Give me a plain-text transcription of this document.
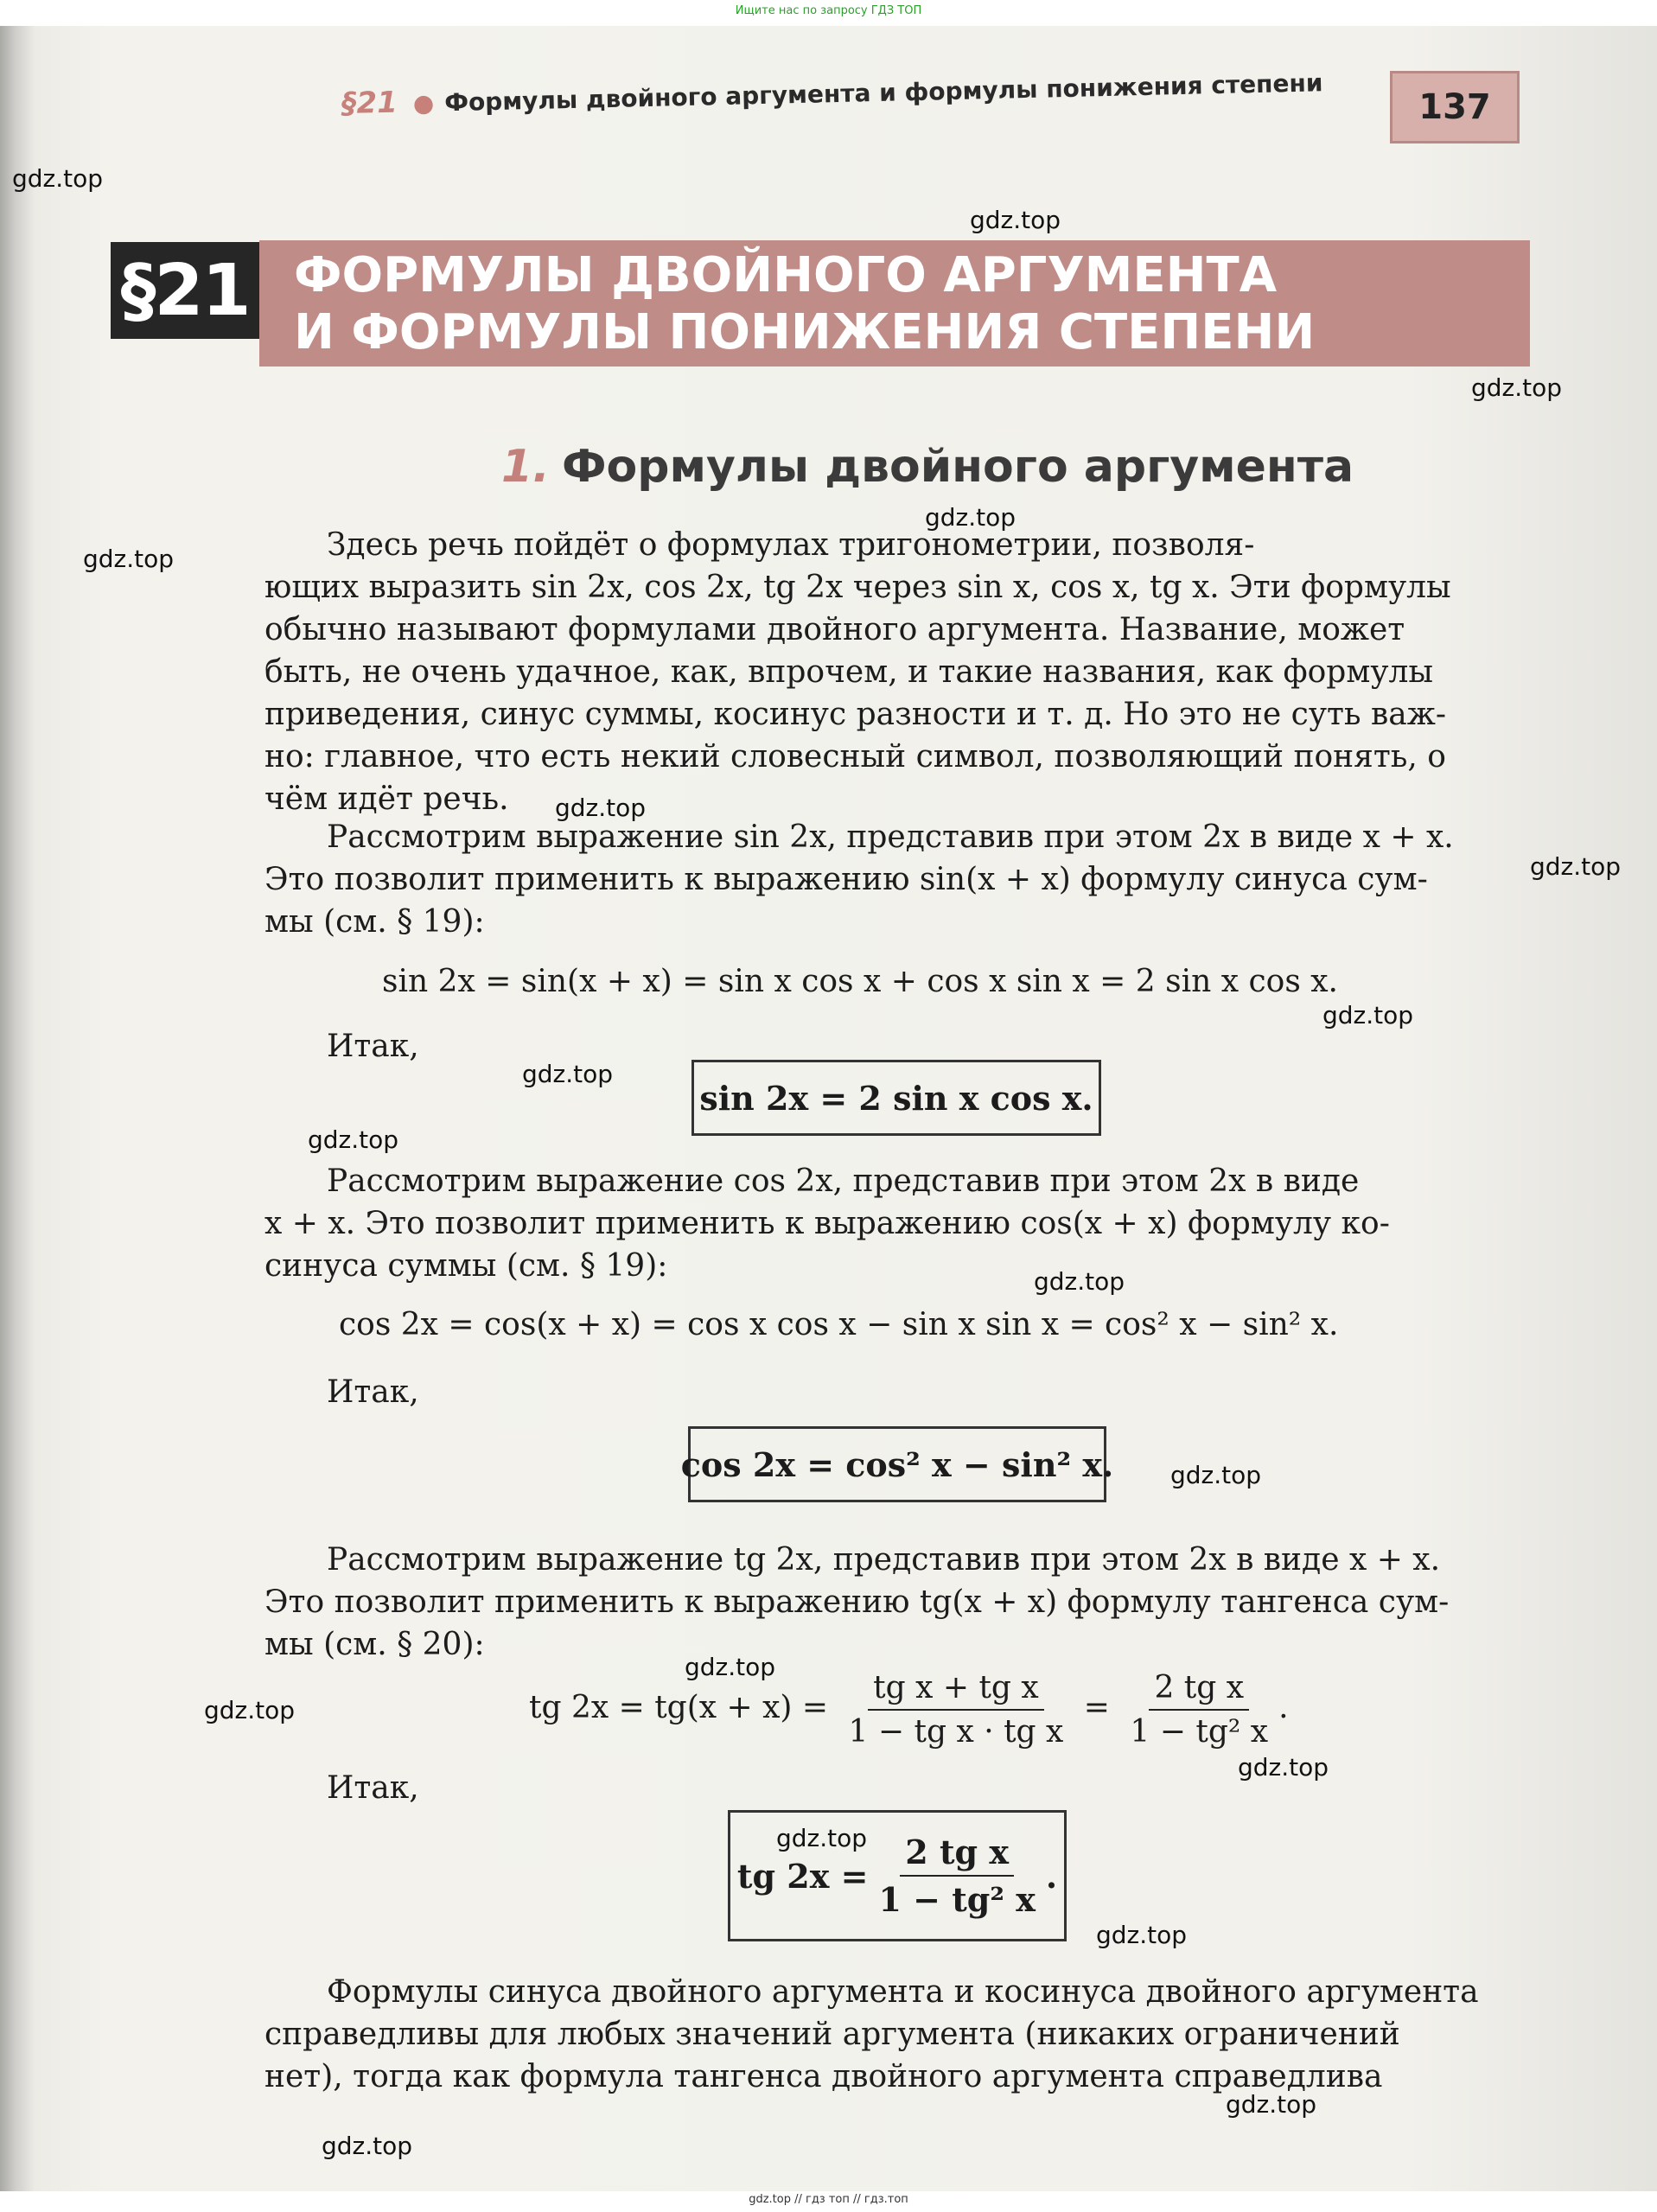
Ищите нас по запросу ГДЗ ТОП
§21 ● Формулы двойного аргумента и формулы понижения степени	137
§21 ФОРМУЛЫ ДВОЙНОГО АРГУМЕНТА
И ФОРМУЛЫ ПОНИЖЕНИЯ СТЕПЕНИ
1. Формулы двойного аргумента

Здесь речь пойдёт о формулах тригонометрии, позволя-
ющих выразить sin 2x, cos 2x, tg 2x через sin x, cos x, tg x. Эти формулы
обычно называют формулами двойного аргумента. Название, может
быть, не очень удачное, как, впрочем, и такие названия, как формулы
приведения, синус суммы, косинус разности и т. д. Но это не суть важ-
но: главное, что есть некий словесный символ, позволяющий понять, о
чём идёт речь.

Рассмотрим выражение sin 2x, представив при этом 2x в виде x + x.
Это позволит применить к выражению sin(x + x) формулу синуса сум-
мы (см. § 19):

sin 2x = sin(x + x) = sin x cos x + cos x sin x = 2 sin x cos x.
Итак,
sin 2x = 2 sin x cos x.

Рассмотрим выражение cos 2x, представив при этом 2x в виде
x + x. Это позволит применить к выражению cos(x + x) формулу ко-
синуса суммы (см. § 19):

cos 2x = cos(x + x) = cos x cos x − sin x sin x = cos² x − sin² x.
Итак,
cos 2x = cos² x − sin² x.

Рассмотрим выражение tg 2x, представив при этом 2x в виде x + x.
Это позволит применить к выражению tg(x + x) формулу тангенса сум-
мы (см. § 20):

tg $2x = tg(x + x) = \frac{\text{tg x + tg x}}{\text{1 − tg x · tg x}} = \frac{\text{2 tg x}}{\text{1 − tg² x}}$ .
Итак,
tg $2x = \frac{\text{2 tg x}}{\text{1 − tg² x}}$ .

Формулы синуса двойного аргумента и косинуса двойного аргумента
справедливы для любых значений аргумента (никаких ограничений
нет), тогда как формула тангенса двойного аргумента справедлива

gdz.top
gdz.top
gdz.top
gdz.top
gdz.top
gdz.top
gdz.top
gdz.top
gdz.top
gdz.top
gdz.top
gdz.top
gdz.top
gdz.top
gdz.top
gdz.top
gdz.top
gdz.top
gdz.top
gdz.top // гдз топ // гдз.топ
